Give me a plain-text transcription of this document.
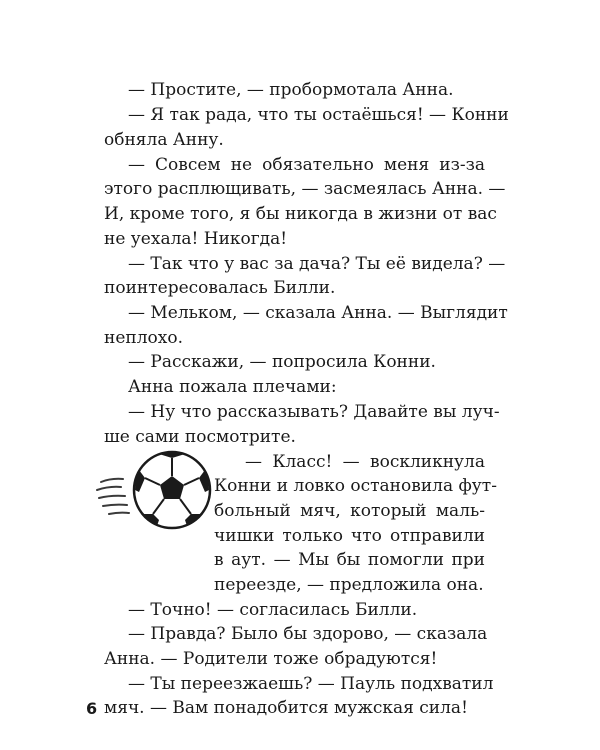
— Простите, — пробормотала Анна.
— Я так рада, что ты остаёшься! — Конни
обняла Анну.
— Совсем не обязательно меня из-за
этого расплющивать, — засмеялась Анна. —
И, кроме того, я бы никогда в жизни от вас
не уехала! Никогда!
— Так что у вас за дача? Ты её видела? —
поинтересовалась Билли.
— Мельком, — сказала Анна. — Выглядит
неплохо.
— Расскажи, — попросила Конни.
Анна пожала плечами:
— Ну что рассказывать? Давайте вы луч-
ше сами посмотрите.
— Класс! — воскликнула
Конни и ловко остановила фут-
больный мяч, который маль-
чишки только что отправили
в аут. — Мы бы помогли при
переезде, — предложила она.
— Точно! — согласилась Билли.
— Правда? Было бы здорово, — сказала
Анна. — Родители тоже обрадуются!
— Ты переезжаешь? — Пауль подхватил
мяч. — Вам понадобится мужская сила!
6
